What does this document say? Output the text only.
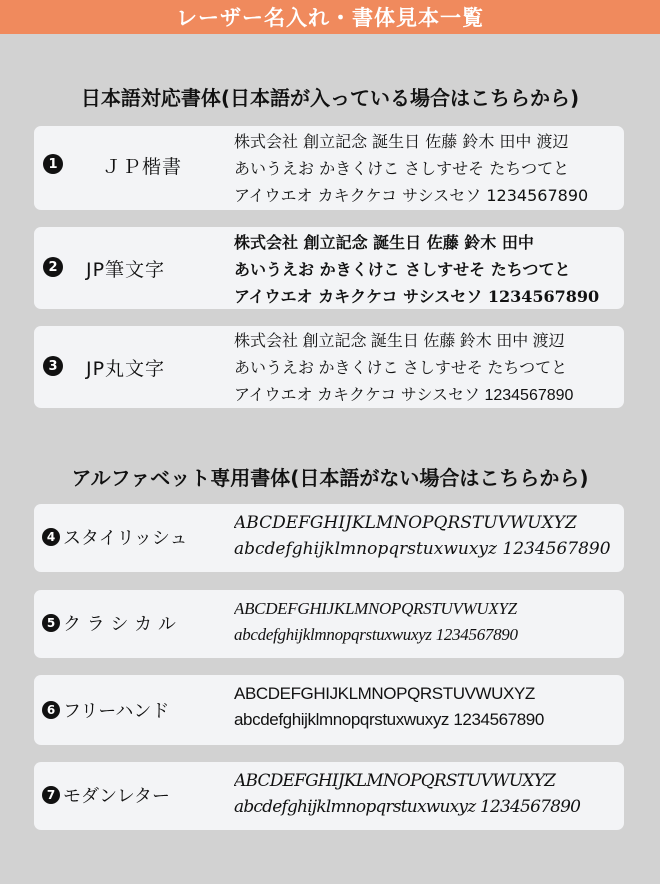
レーザー名入れ・書体見本一覧
日本語対応書体(日本語が入っている場合はこちらから)
1 ＪＰ楷書
株式会社 創立記念 誕生日 佐藤 鈴木 田中 渡辺
あいうえお かきくけこ さしすせそ たちつてと
アイウエオ カキクケコ サシスセソ 1234567890
2 JP筆文字
株式会社 創立記念 誕生日 佐藤 鈴木 田中
あいうえお かきくけこ さしすせそ たちつてと
アイウエオ カキクケコ サシスセソ 1234567890
3 JP丸文字
株式会社 創立記念 誕生日 佐藤 鈴木 田中 渡辺
あいうえお かきくけこ さしすせそ たちつてと
アイウエオ カキクケコ サシスセソ 1234567890
アルファベット専用書体(日本語がない場合はこちらから)
4 スタイリッシュ
ABCDEFGHIJKLMNOPQRSTUVWUXYZ
abcdefghijklmnopqrstuxwuxyz 1234567890
5 ク ラ シ カ ル
ABCDEFGHIJKLMNOPQRSTUVWUXYZ
abcdefghijklmnopqrstuxwuxyz 1234567890
6 フリーハンド
ABCDEFGHIJKLMNOPQRSTUVWUXYZ
abcdefghijklmnopqrstuxwuxyz 1234567890
7 モダンレター
ABCDEFGHIJKLMNOPQRSTUVWUXYZ
abcdefghijklmnopqrstuxwuxyz 1234567890
